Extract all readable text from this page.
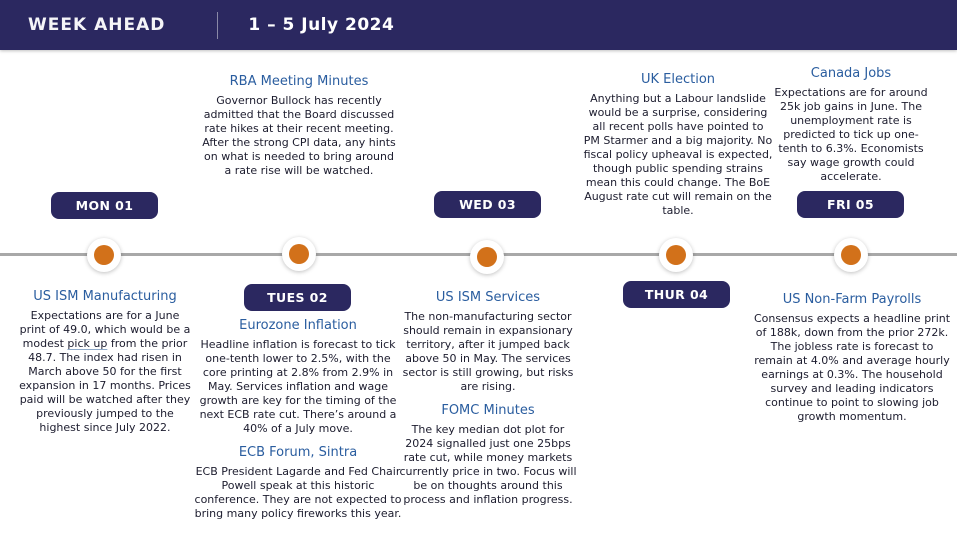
WEEK AHEAD	1 – 5 July 2024
RBA Meeting Minutes
Governor Bullock has recently admitted that the Board discussed rate hikes at their recent meeting. After the strong CPI data, any hints on what is needed to bring around a rate rise will be watched.
UK Election
Anything but a Labour landslide would be a surprise, considering all recent polls have pointed to PM Starmer and a big majority. No fiscal policy upheaval is expected, though public spending strains mean this could change. The BoE August rate cut will remain on the table.
Canada Jobs
Expectations are for around 25k job gains in June. The unemployment rate is predicted to tick up one-tenth to 6.3%. Economists say wage growth could accelerate.
MON 01
TUES 02
WED 03
THUR 04
FRI 05
US ISM Manufacturing
Expectations are for a June print of 49.0, which would be a modest pick up from the prior 48.7. The index had risen in March above 50 for the first expansion in 17 months. Prices paid will be watched after they previously jumped to the highest since July 2022.
Eurozone Inflation
Headline inflation is forecast to tick one-tenth lower to 2.5%, with the core printing at 2.8% from 2.9% in May. Services inflation and wage growth are key for the timing of the next ECB rate cut. There’s around a 40% of a July move.
ECB Forum, Sintra
ECB President Lagarde and Fed Chair Powell speak at this historic conference. They are not expected to bring many policy fireworks this year.
US ISM Services
The non-manufacturing sector should remain in expansionary territory, after it jumped back above 50 in May. The services sector is still growing, but risks are rising.
FOMC Minutes
The key median dot plot for 2024 signalled just one 25bps rate cut, while money markets currently price in two. Focus will be on thoughts around this process and inflation progress.
US Non-Farm Payrolls
Consensus expects a headline print of 188k, down from the prior 272k. The jobless rate is forecast to remain at 4.0% and average hourly earnings at 0.3%. The household survey and leading indicators continue to point to slowing job growth momentum.
